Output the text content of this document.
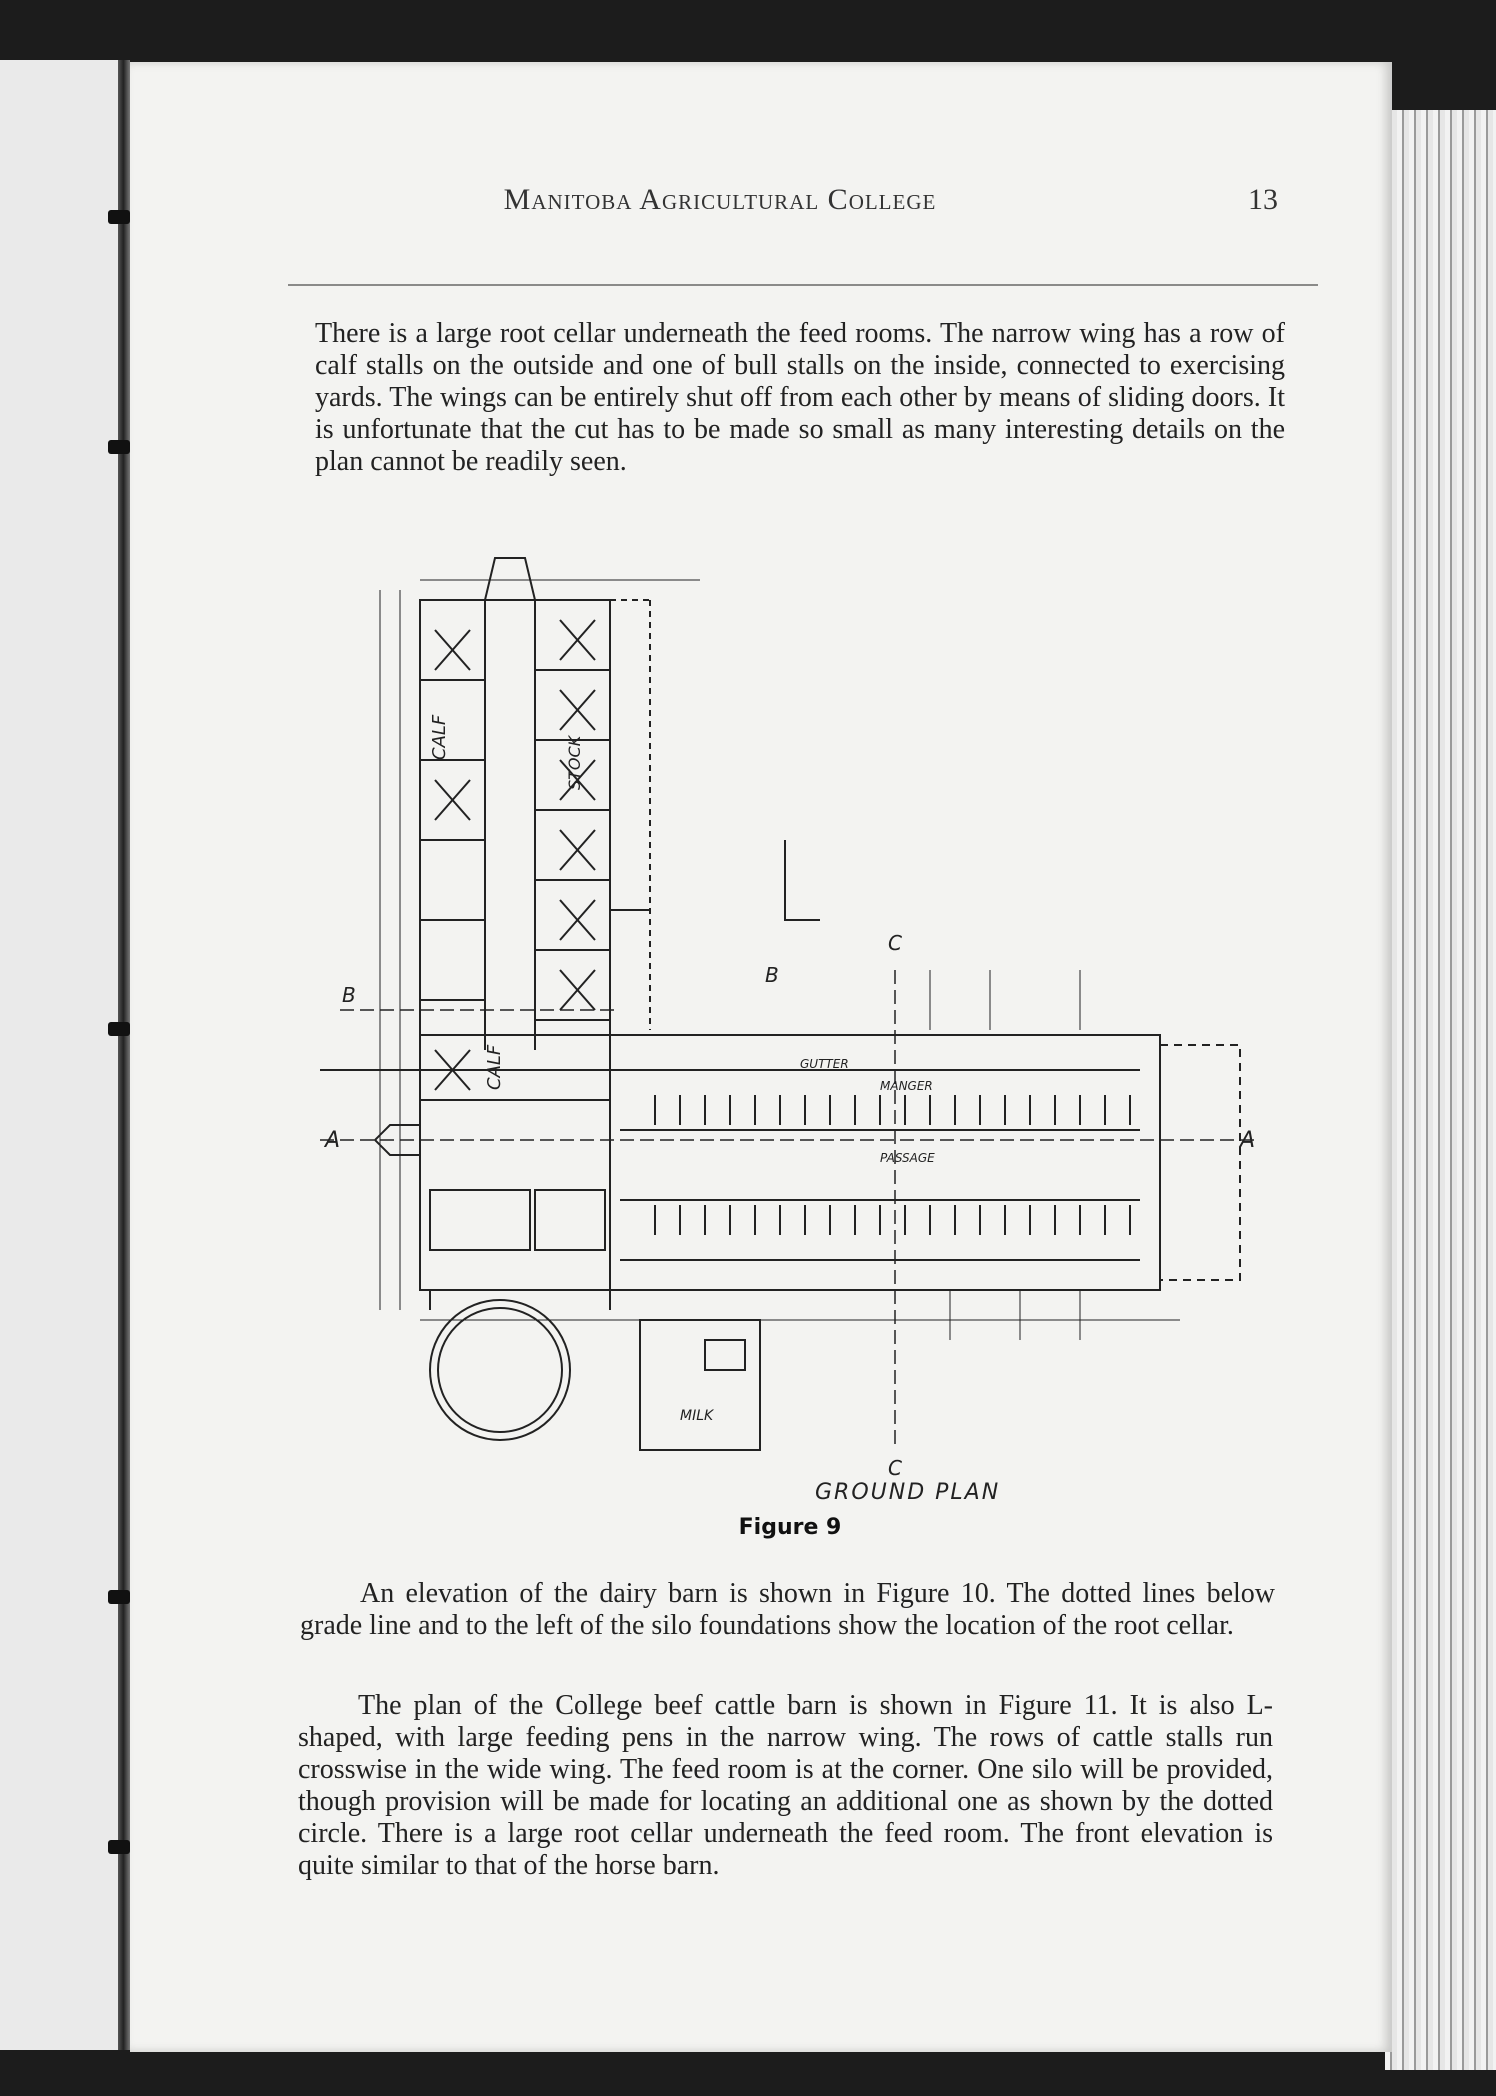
Manitoba Agricultural College	13

There is a large root cellar underneath the feed rooms. The narrow wing has a row of calf stalls on the outside and one of bull stalls on the inside, connected to exercising yards. The wings can be entirely shut off from each other by means of sliding doors. It is unfortunate that the cut has to be made so small as many interesting details on the plan cannot be readily seen.

A	A
B
B
C
C
CALF
CALF
STOCK
MILK
MANGER
GUTTER
PASSAGE
GROUND PLAN
Figure 9

An elevation of the dairy barn is shown in Figure 10. The dotted lines below grade line and to the left of the silo foundations show the location of the root cellar.

The plan of the College beef cattle barn is shown in Figure 11. It is also L-shaped, with large feeding pens in the narrow wing. The rows of cattle stalls run crosswise in the wide wing. The feed room is at the corner. One silo will be provided, though provision will be made for locating an additional one as shown by the dotted circle. There is a large root cellar underneath the feed room. The front elevation is quite similar to that of the horse barn.
